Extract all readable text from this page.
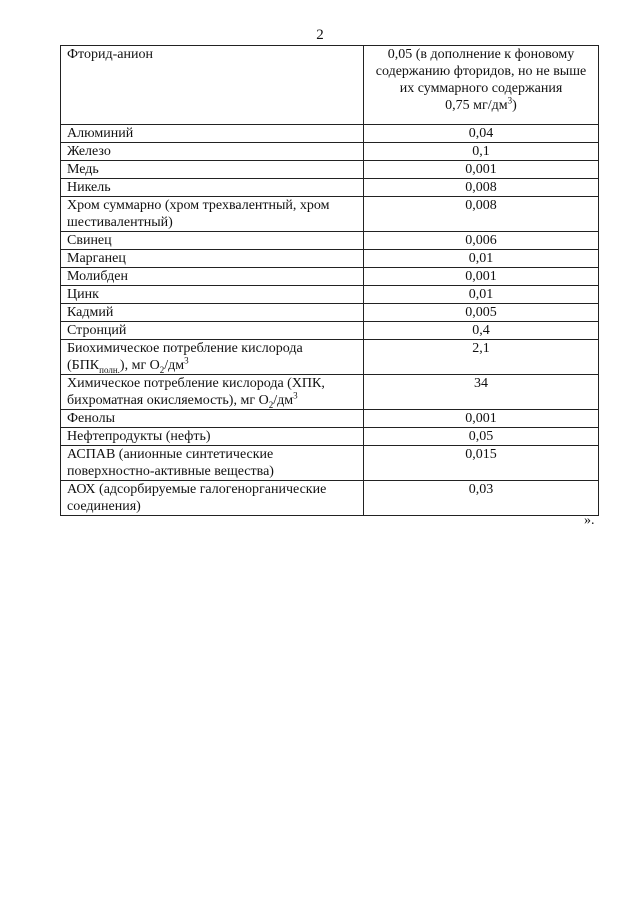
2
Фторид-анион	0,05 (в дополнение к фоновому
содержанию фторидов, но не выше
их суммарного содержания
0,75 $мг/дм^3$)
Алюминий	0,04
Железо	0,1
Медь	0,001
Никель	0,008
Хром суммарно (хром трехвалентный, хром шестивалентный)	0,008
Свинец	0,006
Марганец	0,01
Молибден	0,001
Цинк	0,01
Кадмий	0,005
Стронций	0,4
Биохимическое потребление кислорода $(БПК_{полн.})$, мг $O_2/дм^3$	2,1
Химическое потребление кислорода (ХПК, бихроматная окисляемость), мг $O_2/дм^3$	34
Фенолы	0,001
Нефтепродукты (нефть)	0,05
АСПАВ (анионные синтетические поверхностно-активные вещества)	0,015
АОХ (адсорбируемые галогенорганические соединения)	0,03
».
